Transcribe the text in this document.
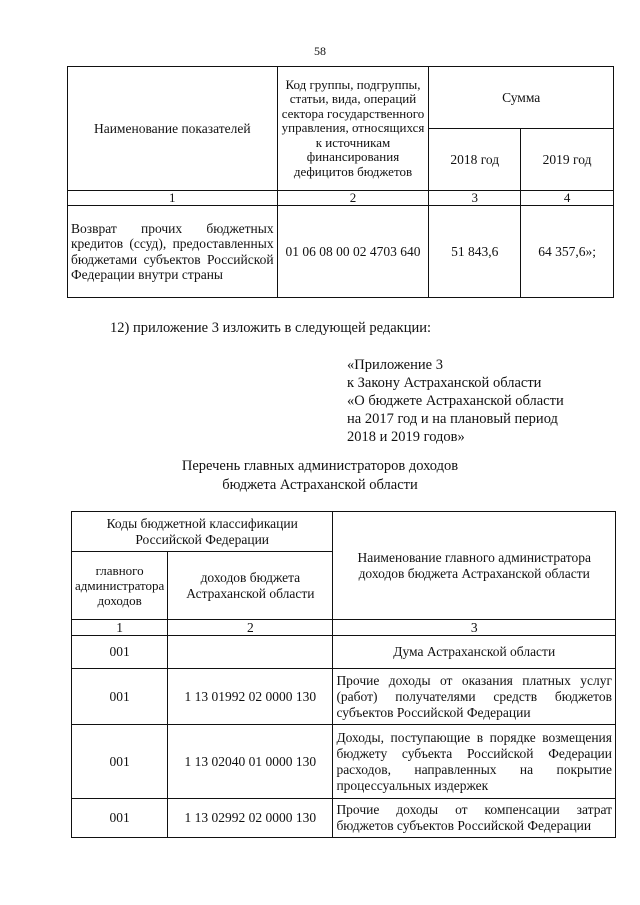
58
Наименование показателей	Код группы, подгруппы, статьи, вида, операций сектора государственного управления, относящихся к источникам финансирования дефицитов бюджетов	Сумма	
		2018 год	2019 год
1	2	3	4
Возврат прочих бюджетных кредитов (ссуд), предоставленных бюджетами субъектов Российской Федерации внутри страны	01 06 08 00 02 4703 640	51 843,6	64 357,6»;
12) приложение 3 изложить в следующей редакции:
«Приложение 3
к Закону Астраханской области
«О бюджете Астраханской области
на 2017 год и на плановый период
2018 и 2019 годов»
Перечень главных администраторов доходов
бюджета Астраханской области
Коды бюджетной классификации Российской Федерации		Наименование главного администратора доходов бюджета Астраханской области
главного администратора доходов	доходов бюджета Астраханской области	
1	2	3
001		Дума Астраханской области
001	1 13 01992 02 0000 130	Прочие доходы от оказания платных услуг (работ) получателями средств бюджетов субъектов Российской Федерации
001	1 13 02040 01 0000 130	Доходы, поступающие в порядке возмещения бюджету субъекта Российской Федерации расходов, направленных на покрытие процессуальных издержек
001	1 13 02992 02 0000 130	Прочие доходы от компенсации затрат бюджетов субъектов Российской Федерации
